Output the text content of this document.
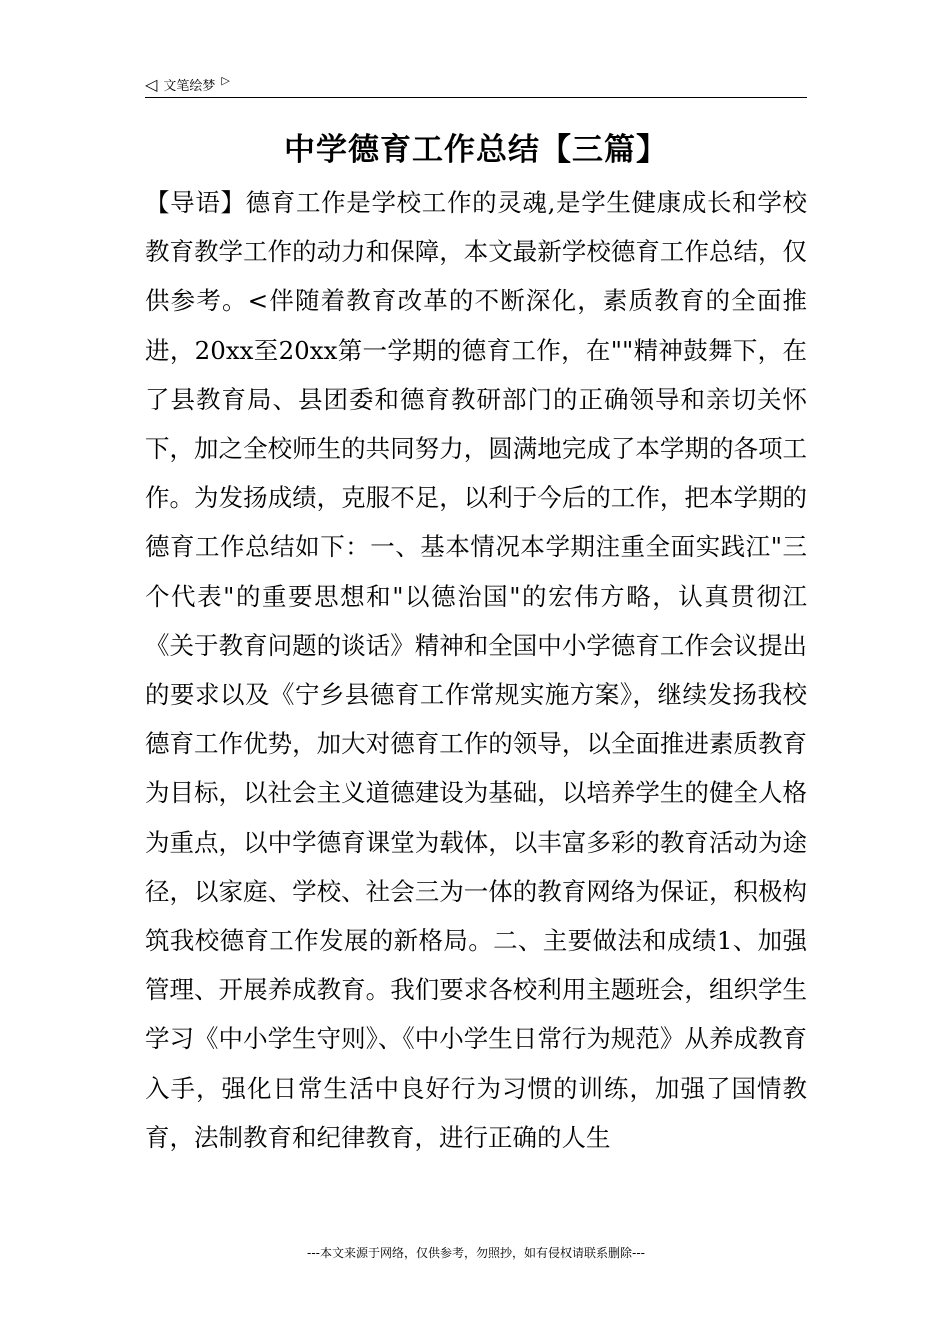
◁ 文笔绘梦 ▷
中学德育工作总结【三篇】
【导语】德育工作是学校工作的灵魂,是学生健康成长和学校教育教学工作的动力和保障，本文最新学校德育工作总结，仅供参考。<伴随着教育改革的不断深化，素质教育的全面推进，20xx至20xx第一学期的德育工作，在""精神鼓舞下，在了县教育局、县团委和德育教研部门的正确领导和亲切关怀下，加之全校师生的共同努力，圆满地完成了本学期的各项工作。为发扬成绩，克服不足，以利于今后的工作，把本学期的德育工作总结如下：一、基本情况本学期注重全面实践江"三个代表"的重要思想和"以德治国"的宏伟方略，认真贯彻江《关于教育问题的谈话》精神和全国中小学德育工作会议提出的要求以及《宁乡县德育工作常规实施方案》，继续发扬我校德育工作优势，加大对德育工作的领导，以全面推进素质教育为目标，以社会主义道德建设为基础，以培养学生的健全人格为重点，以中学德育课堂为载体，以丰富多彩的教育活动为途径，以家庭、学校、社会三为一体的教育网络为保证，积极构筑我校德育工作发展的新格局。二、主要做法和成绩1、加强管理、开展养成教育。我们要求各校利用主题班会，组织学生学习《中小学生守则》、《中小学生日常行为规范》从养成教育入手，强化日常生活中良好行为习惯的训练，加强了国情教育，法制教育和纪律教育，进行正确的人生
---本文来源于网络，仅供参考，勿照抄，如有侵权请联系删除---
